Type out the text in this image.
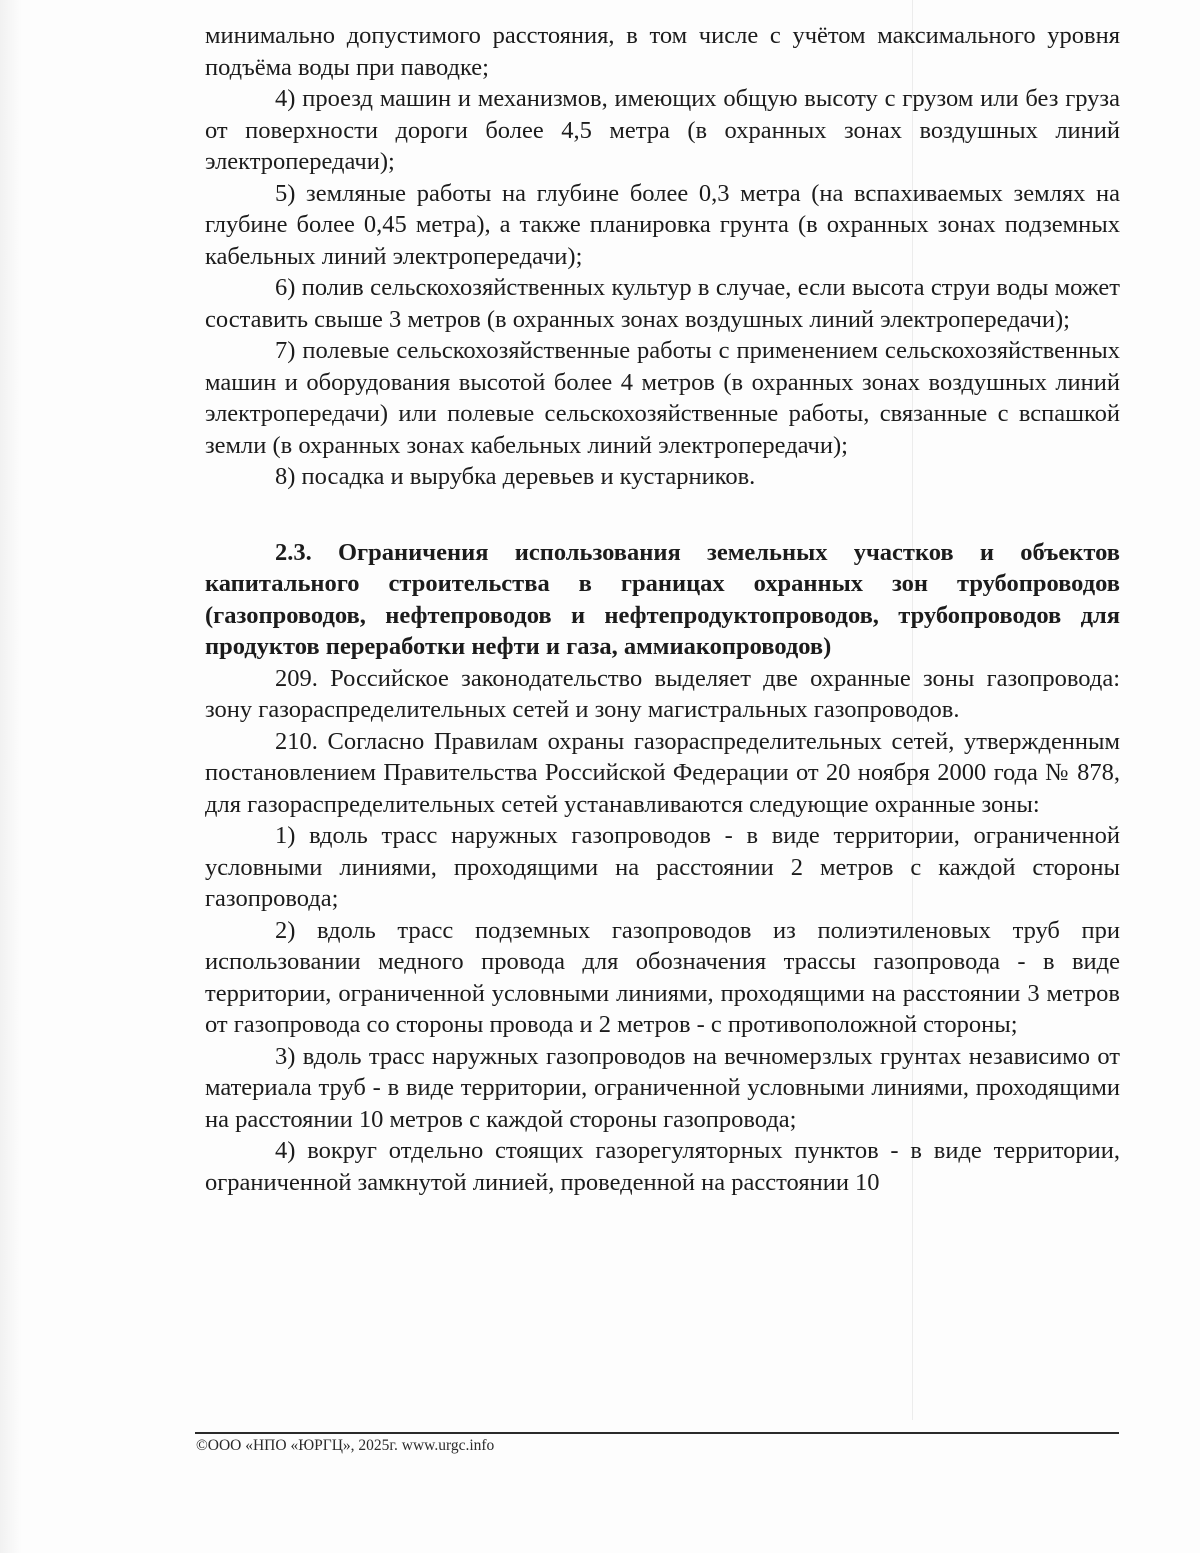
минимально допустимого расстояния, в том числе с учётом максимального уровня подъёма воды при паводке;

4) проезд машин и механизмов, имеющих общую высоту с грузом или без груза от поверхности дороги более 4,5 метра (в охранных зонах воздушных линий электропередачи);

5) земляные работы на глубине более 0,3 метра (на вспахиваемых землях на глубине более 0,45 метра), а также планировка грунта (в охранных зонах подземных кабельных линий электропередачи);

6) полив сельскохозяйственных культур в случае, если высота струи воды может составить свыше 3 метров (в охранных зонах воздушных линий электропередачи);

7) полевые сельскохозяйственные работы с применением сельскохозяйственных машин и оборудования высотой более 4 метров (в охранных зонах воздушных линий электропередачи) или полевые сельскохозяйственные работы, связанные с вспашкой земли (в охранных зонах кабельных линий электропередачи);

8) посадка и вырубка деревьев и кустарников.

2.3. Ограничения использования земельных участков и объектов капитального строительства в границах охранных зон трубопроводов (газопроводов, нефтепроводов и нефтепродуктопроводов, трубопроводов для продуктов переработки нефти и газа, аммиакопроводов)

209. Российское законодательство выделяет две охранные зоны газопровода: зону газораспределительных сетей и зону магистральных газопроводов.

210. Согласно Правилам охраны газораспределительных сетей, утвержденным постановлением Правительства Российской Федерации от 20 ноября 2000 года № 878, для газораспределительных сетей устанавливаются следующие охранные зоны:

1) вдоль трасс наружных газопроводов - в виде территории, ограниченной условными линиями, проходящими на расстоянии 2 метров с каждой стороны газопровода;

2) вдоль трасс подземных газопроводов из полиэтиленовых труб при использовании медного провода для обозначения трассы газопровода - в виде территории, ограниченной условными линиями, проходящими на расстоянии 3 метров от газопровода со стороны провода и 2 метров - с противоположной стороны;

3) вдоль трасс наружных газопроводов на вечномерзлых грунтах независимо от материала труб - в виде территории, ограниченной условными линиями, проходящими на расстоянии 10 метров с каждой стороны газопровода;

4) вокруг отдельно стоящих газорегуляторных пунктов - в виде территории, ограниченной замкнутой линией, проведенной на расстоянии 10

©ООО «НПО «ЮРГЦ», 2025г. www.urgc.info
